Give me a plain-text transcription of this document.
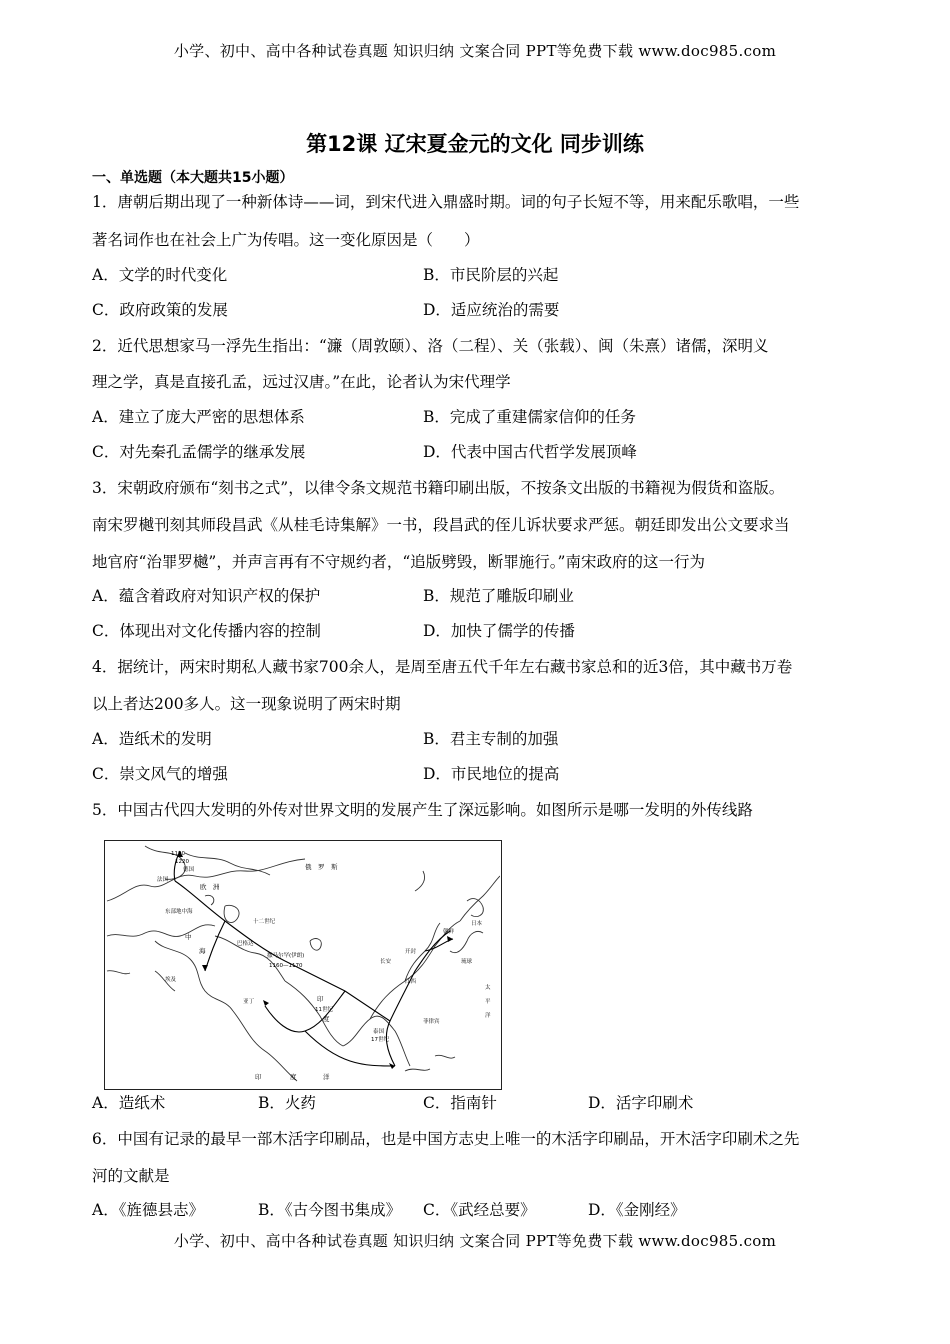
小学、初中、高中各种试卷真题 知识归纳 文案合同 PPT等免费下载 www.doc985.com
第12课 辽宋夏金元的文化 同步训练
一、单选题（本大题共15小题）
1．唐朝后期出现了一种新体诗——词，到宋代进入鼎盛时期。词的句子长短不等，用来配乐歌唱，一些
著名词作也在社会上广为传唱。这一变化原因是（　　）
A．文学的时代变化	B．市民阶层的兴起
C．政府政策的发展	D．适应统治的需要
2．近代思想家马一浮先生指出：“濂（周敦颐）、洛（二程）、关（张载）、闽（朱熹）诸儒，深明义
理之学，真是直接孔孟，远过汉唐。”在此，论者认为宋代理学
A．建立了庞大严密的思想体系	B．完成了重建儒家信仰的任务
C．对先秦孔孟儒学的继承发展	D．代表中国古代哲学发展顶峰
3．宋朝政府颁布“刻书之式”，以律令条文规范书籍印刷出版，不按条文出版的书籍视为假货和盗版。
南宋罗樾刊刻其师段昌武《从桂毛诗集解》一书，段昌武的侄儿诉状要求严惩。朝廷即发出公文要求当
地官府“治罪罗樾”，并声言再有不守规约者，“追版劈毁，断罪施行。”南宋政府的这一行为
A．蕴含着政府对知识产权的保护	B．规范了雕版印刷业
C．体现出对文化传播内容的控制	D．加快了儒学的传播
4．据统计，两宋时期私人藏书家700余人，是周至唐五代千年左右藏书家总和的近3倍，其中藏书万卷
以上者达200多人。这一现象说明了两宋时期
A．造纸术的发明	B．君主专制的加强
C．崇文风气的增强	D．市民地位的提高
5．中国古代四大发明的外传对世界文明的发展产生了深远影响。如图所示是哪一发明的外传线路
1190
1220
德国
法国
俄　罗　斯
欧　洲
十二世纪
东部地中海
中
海
巴格达
撒马尔罕(伊朗)
1160—1170
印
11世纪
度
埃及
亚丁
长安
开封
江西
朝鲜
日本
琉球
太
平
洋
泰国
17世纪
菲律宾
印	度	洋
A．造纸术	B．火药	C．指南针	D．活字印刷术
6．中国有记录的最早一部木活字印刷品，也是中国方志史上唯一的木活字印刷品，开木活字印刷术之先
河的文献是
A．《旌德县志》	B．《古今图书集成》 C．《武经总要》	D．《金刚经》
小学、初中、高中各种试卷真题 知识归纳 文案合同 PPT等免费下载 www.doc985.com
